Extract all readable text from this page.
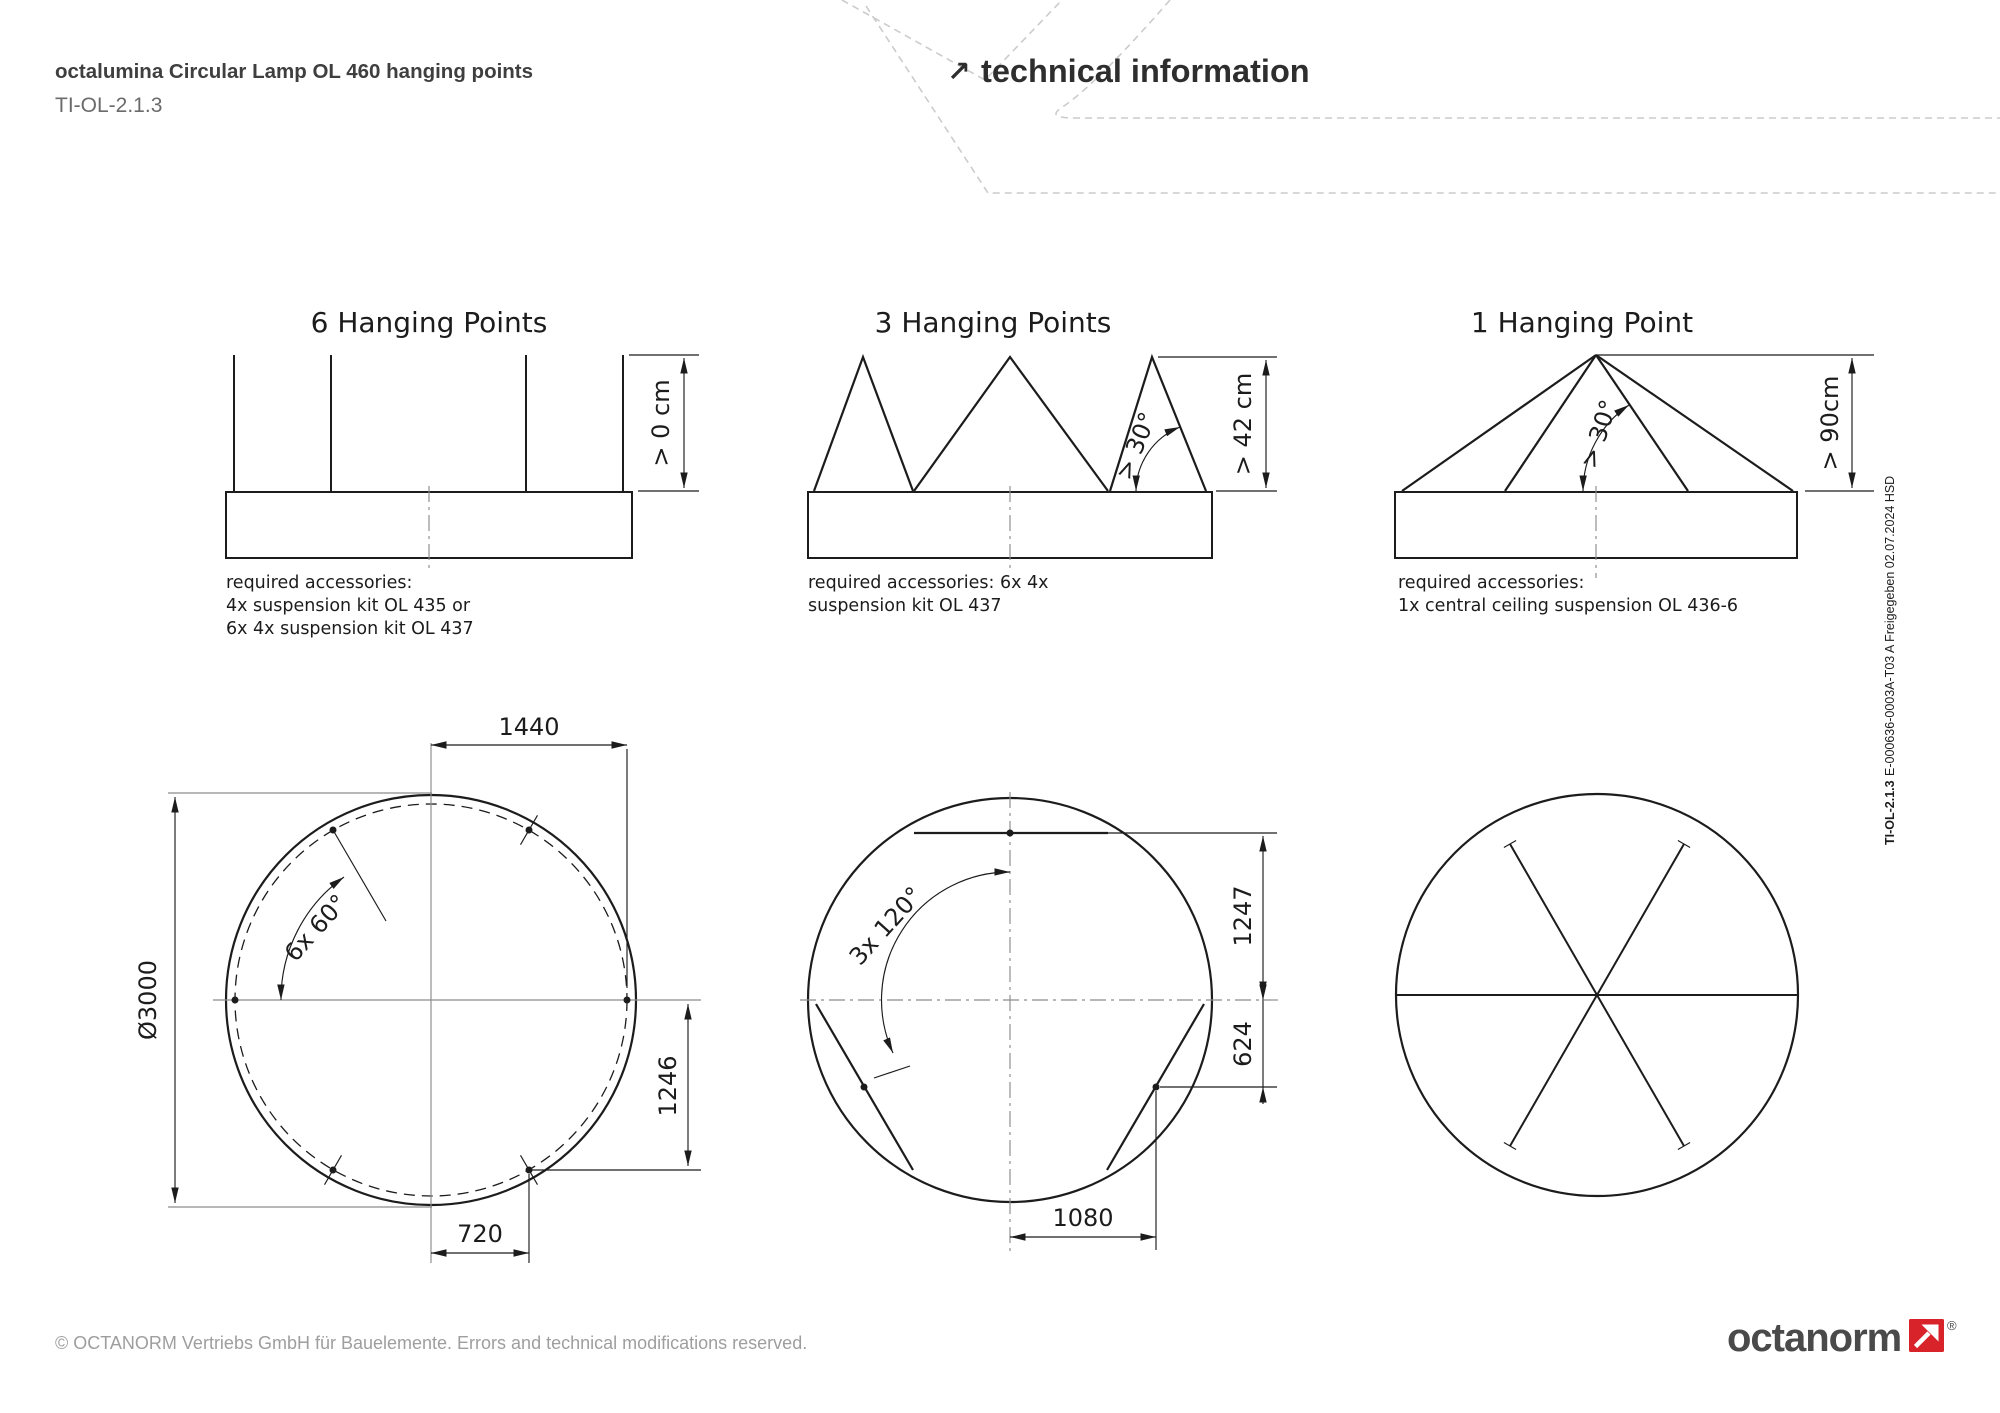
octalumina Circular Lamp OL 460 hanging points
TI-OL-2.1.3
↗ technical information
6 Hanging Points
> 0 cm
required accessories:
4x suspension kit OL 435 or
6x 4x suspension kit OL 437
3 Hanging Points
> 30°	> 42 cm
required accessories: 6x 4x
suspension kit OL 437
1 Hanging Point
> 30°	> 90cm
required accessories:
1x central ceiling suspension OL 436-6
1440
Ø3000
6x 60°
1246
720
3x 120°	1247
624
1080
TI-OL-2.1.3
E-000636-0003A-T03 A Freigegeben 02.07.2024 HSD
© OCTANORM Vertriebs GmbH für Bauelemente. Errors and technical modifications reserved.	octanorm	®
